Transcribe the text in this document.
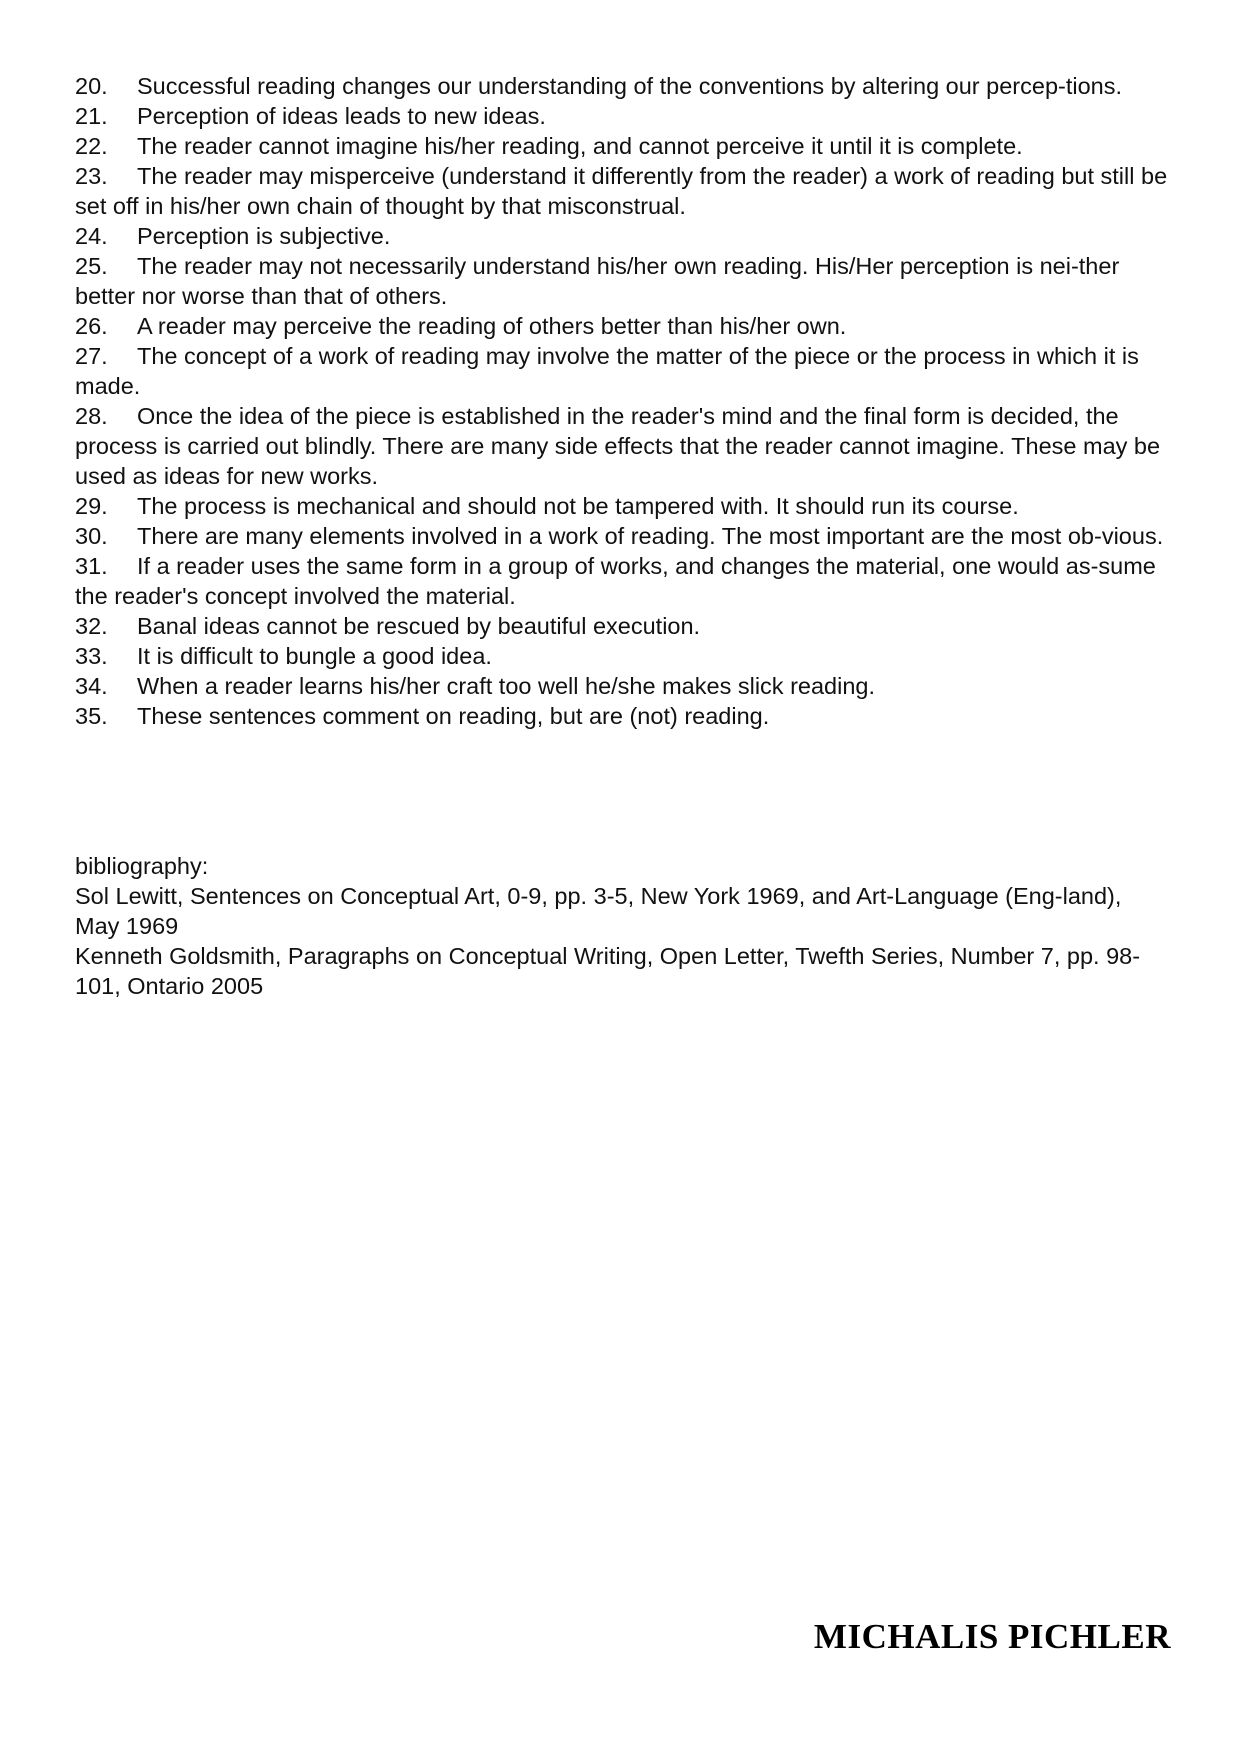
20. Successful reading changes our understanding of the conventions by altering our percep-tions.

21. Perception of ideas leads to new ideas.

22. The reader cannot imagine his/her reading, and cannot perceive it until it is complete.

23. The reader may misperceive (understand it differently from the reader) a work of reading but still be set off in his/her own chain of thought by that misconstrual.

24. Perception is subjective.

25. The reader may not necessarily understand his/her own reading. His/Her perception is nei-ther better nor worse than that of others.

26. A reader may perceive the reading of others better than his/her own.

27. The concept of a work of reading may involve the matter of the piece or the process in which it is made.

28. Once the idea of the piece is established in the reader's mind and the final form is decided, the process is carried out blindly. There are many side effects that the reader cannot imagine. These may be used as ideas for new works.

29. The process is mechanical and should not be tampered with. It should run its course.

30. There are many elements involved in a work of reading. The most important are the most ob-vious.

31. If a reader uses the same form in a group of works, and changes the material, one would as-sume the reader's concept involved the material.

32. Banal ideas cannot be rescued by beautiful execution.

33. It is difficult to bungle a good idea.

34. When a reader learns his/her craft too well he/she makes slick reading.

35. These sentences comment on reading, but are (not) reading.

bibliography:

Sol Lewitt, Sentences on Conceptual Art, 0-9, pp. 3-5, New York 1969, and Art-Language (Eng-land), May 1969

Kenneth Goldsmith, Paragraphs on Conceptual Writing, Open Letter, Twefth Series, Number 7, pp. 98-101, Ontario 2005

MICHALIS PICHLER
